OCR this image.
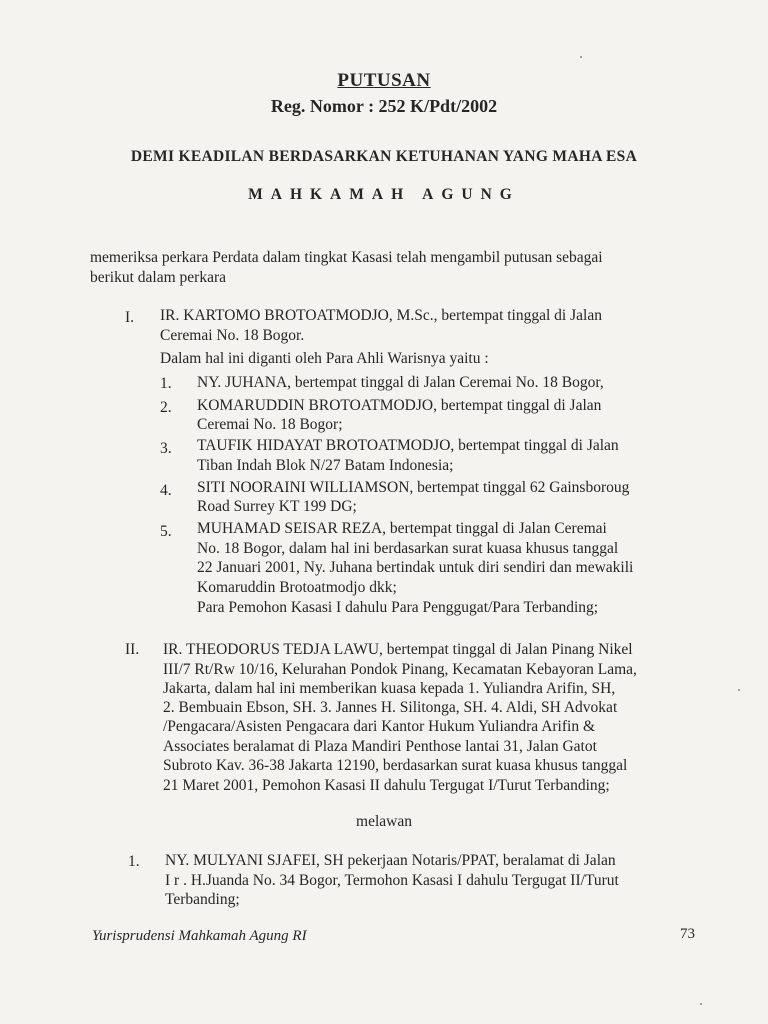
PUTUSAN
Reg. Nomor : 252 K/Pdt/2002
DEMI KEADILAN BERDASARKAN KETUHANAN YANG MAHA ESA
MAHKAMAH AGUNG
memeriksa perkara Perdata dalam tingkat Kasasi telah mengambil putusan sebagai
berikut dalam perkara
I. IR. KARTOMO BROTOATMODJO, M.Sc., bertempat tinggal di Jalan
Ceremai No. 18 Bogor.
Dalam hal ini diganti oleh Para Ahli Warisnya yaitu :
1. NY. JUHANA, bertempat tinggal di Jalan Ceremai No. 18 Bogor,
2. KOMARUDDIN BROTOATMODJO, bertempat tinggal di Jalan
Ceremai No. 18 Bogor;
3. TAUFIK HIDAYAT BROTOATMODJO, bertempat tinggal di Jalan
Tiban Indah Blok N/27 Batam Indonesia;
4. SITI NOORAINI WILLIAMSON, bertempat tinggal 62 Gainsboroug
Road Surrey KT 199 DG;
5. MUHAMAD SEISAR REZA, bertempat tinggal di Jalan Ceremai
No. 18 Bogor, dalam hal ini berdasarkan surat kuasa khusus tanggal
22 Januari 2001, Ny. Juhana bertindak untuk diri sendiri dan mewakili
Komaruddin Brotoatmodjo dkk;
Para Pemohon Kasasi I dahulu Para Penggugat/Para Terbanding;
II. IR. THEODORUS TEDJA LAWU, bertempat tinggal di Jalan Pinang Nikel
III/7 Rt/Rw 10/16, Kelurahan Pondok Pinang, Kecamatan Kebayoran Lama,
Jakarta, dalam hal ini memberikan kuasa kepada 1. Yuliandra Arifin, SH,
2. Bembuain Ebson, SH. 3. Jannes H. Silitonga, SH. 4. Aldi, SH Advokat
/Pengacara/Asisten Pengacara dari Kantor Hukum Yuliandra Arifin &
Associates beralamat di Plaza Mandiri Penthose lantai 31, Jalan Gatot
Subroto Kav. 36-38 Jakarta 12190, berdasarkan surat kuasa khusus tanggal
21 Maret 2001, Pemohon Kasasi II dahulu Tergugat I/Turut Terbanding;
melawan
1. NY. MULYANI SJAFEI, SH pekerjaan Notaris/PPAT, beralamat di Jalan
I r . H.Juanda No. 34 Bogor, Termohon Kasasi I dahulu Tergugat II/Turut
Terbanding;
Yurisprudensi Mahkamah Agung RI	73
